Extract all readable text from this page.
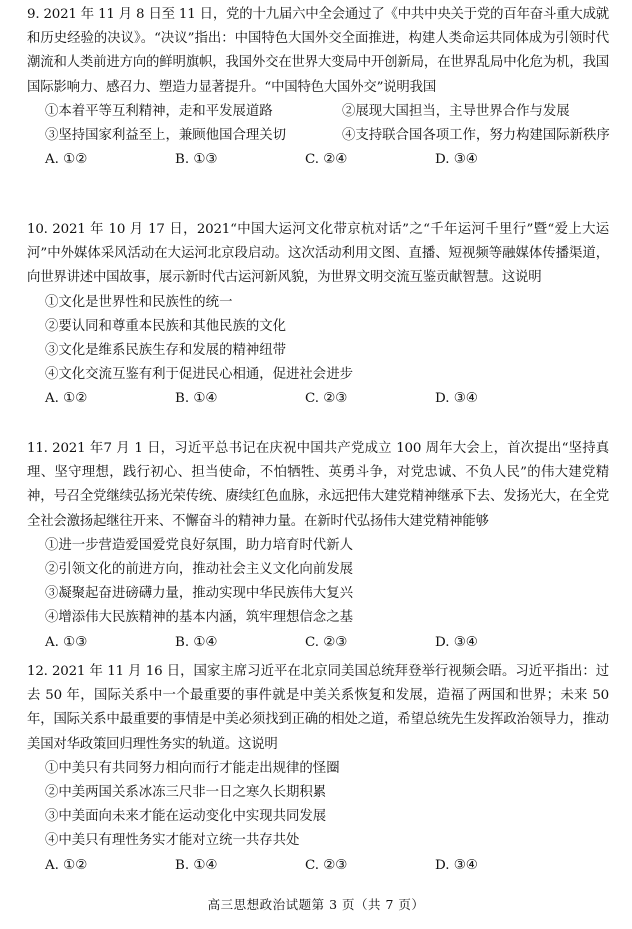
9. 2021 年 11 月 8 日至 11 日，党的十九届六中全会通过了《中共中央关于党的百年奋斗重大成就和历史经验的决议》。“决议”指出：中国特色大国外交全面推进，构建人类命运共同体成为引领时代潮流和人类前进方向的鲜明旗帜，我国外交在世界大变局中开创新局，在世界乱局中化危为机，我国国际影响力、感召力、塑造力显著提升。“中国特色大国外交”说明我国

①本着平等互利精神，走和平发展道路	②展现大国担当，主导世界合作与发展
③坚持国家利益至上，兼顾他国合理关切	④支持联合国各项工作，努力构建国际新秩序
A. ①②	B. ①③	C. ②④	D. ③④

10. 2021 年 10 月 17 日，2021“中国大运河文化带京杭对话”之“千年运河千里行”暨“爱上大运河”中外媒体采风活动在大运河北京段启动。这次活动利用文图、直播、短视频等融媒体传播渠道，向世界讲述中国故事，展示新时代古运河新风貌，为世界文明交流互鉴贡献智慧。这说明

①文化是世界性和民族性的统一
②要认同和尊重本民族和其他民族的文化
③文化是维系民族生存和发展的精神纽带
④文化交流互鉴有利于促进民心相通，促进社会进步
A. ①②	B. ①④	C. ②③	D. ③④

11. 2021 年7 月 1 日，习近平总书记在庆祝中国共产党成立 100 周年大会上，首次提出“坚持真理、坚守理想，践行初心、担当使命，不怕牺牲、英勇斗争，对党忠诚、不负人民”的伟大建党精神，号召全党继续弘扬光荣传统、赓续红色血脉，永远把伟大建党精神继承下去、发扬光大，在全党全社会激扬起继往开来、不懈奋斗的精神力量。在新时代弘扬伟大建党精神能够

①进一步营造爱国爱党良好氛围，助力培育时代新人
②引领文化的前进方向，推动社会主义文化向前发展
③凝聚起奋进磅礴力量，推动实现中华民族伟大复兴
④增添伟大民族精神的基本内涵，筑牢理想信念之基
A. ①③	B. ①④	C. ②③	D. ③④

12. 2021 年 11 月 16 日，国家主席习近平在北京同美国总统拜登举行视频会晤。习近平指出：过去 50 年，国际关系中一个最重要的事件就是中美关系恢复和发展，造福了两国和世界；未来 50 年，国际关系中最重要的事情是中美必须找到正确的相处之道，希望总统先生发挥政治领导力，推动美国对华政策回归理性务实的轨道。这说明

①中美只有共同努力相向而行才能走出规律的怪圈
②中美两国关系冰冻三尺非一日之寒久长期积累
③中美面向未来才能在运动变化中实现共同发展
④中美只有理性务实才能对立统一共存共处
A. ①②	B. ①④	C. ②③	D. ③④
高三思想政治试题第 3 页（共 7 页）
